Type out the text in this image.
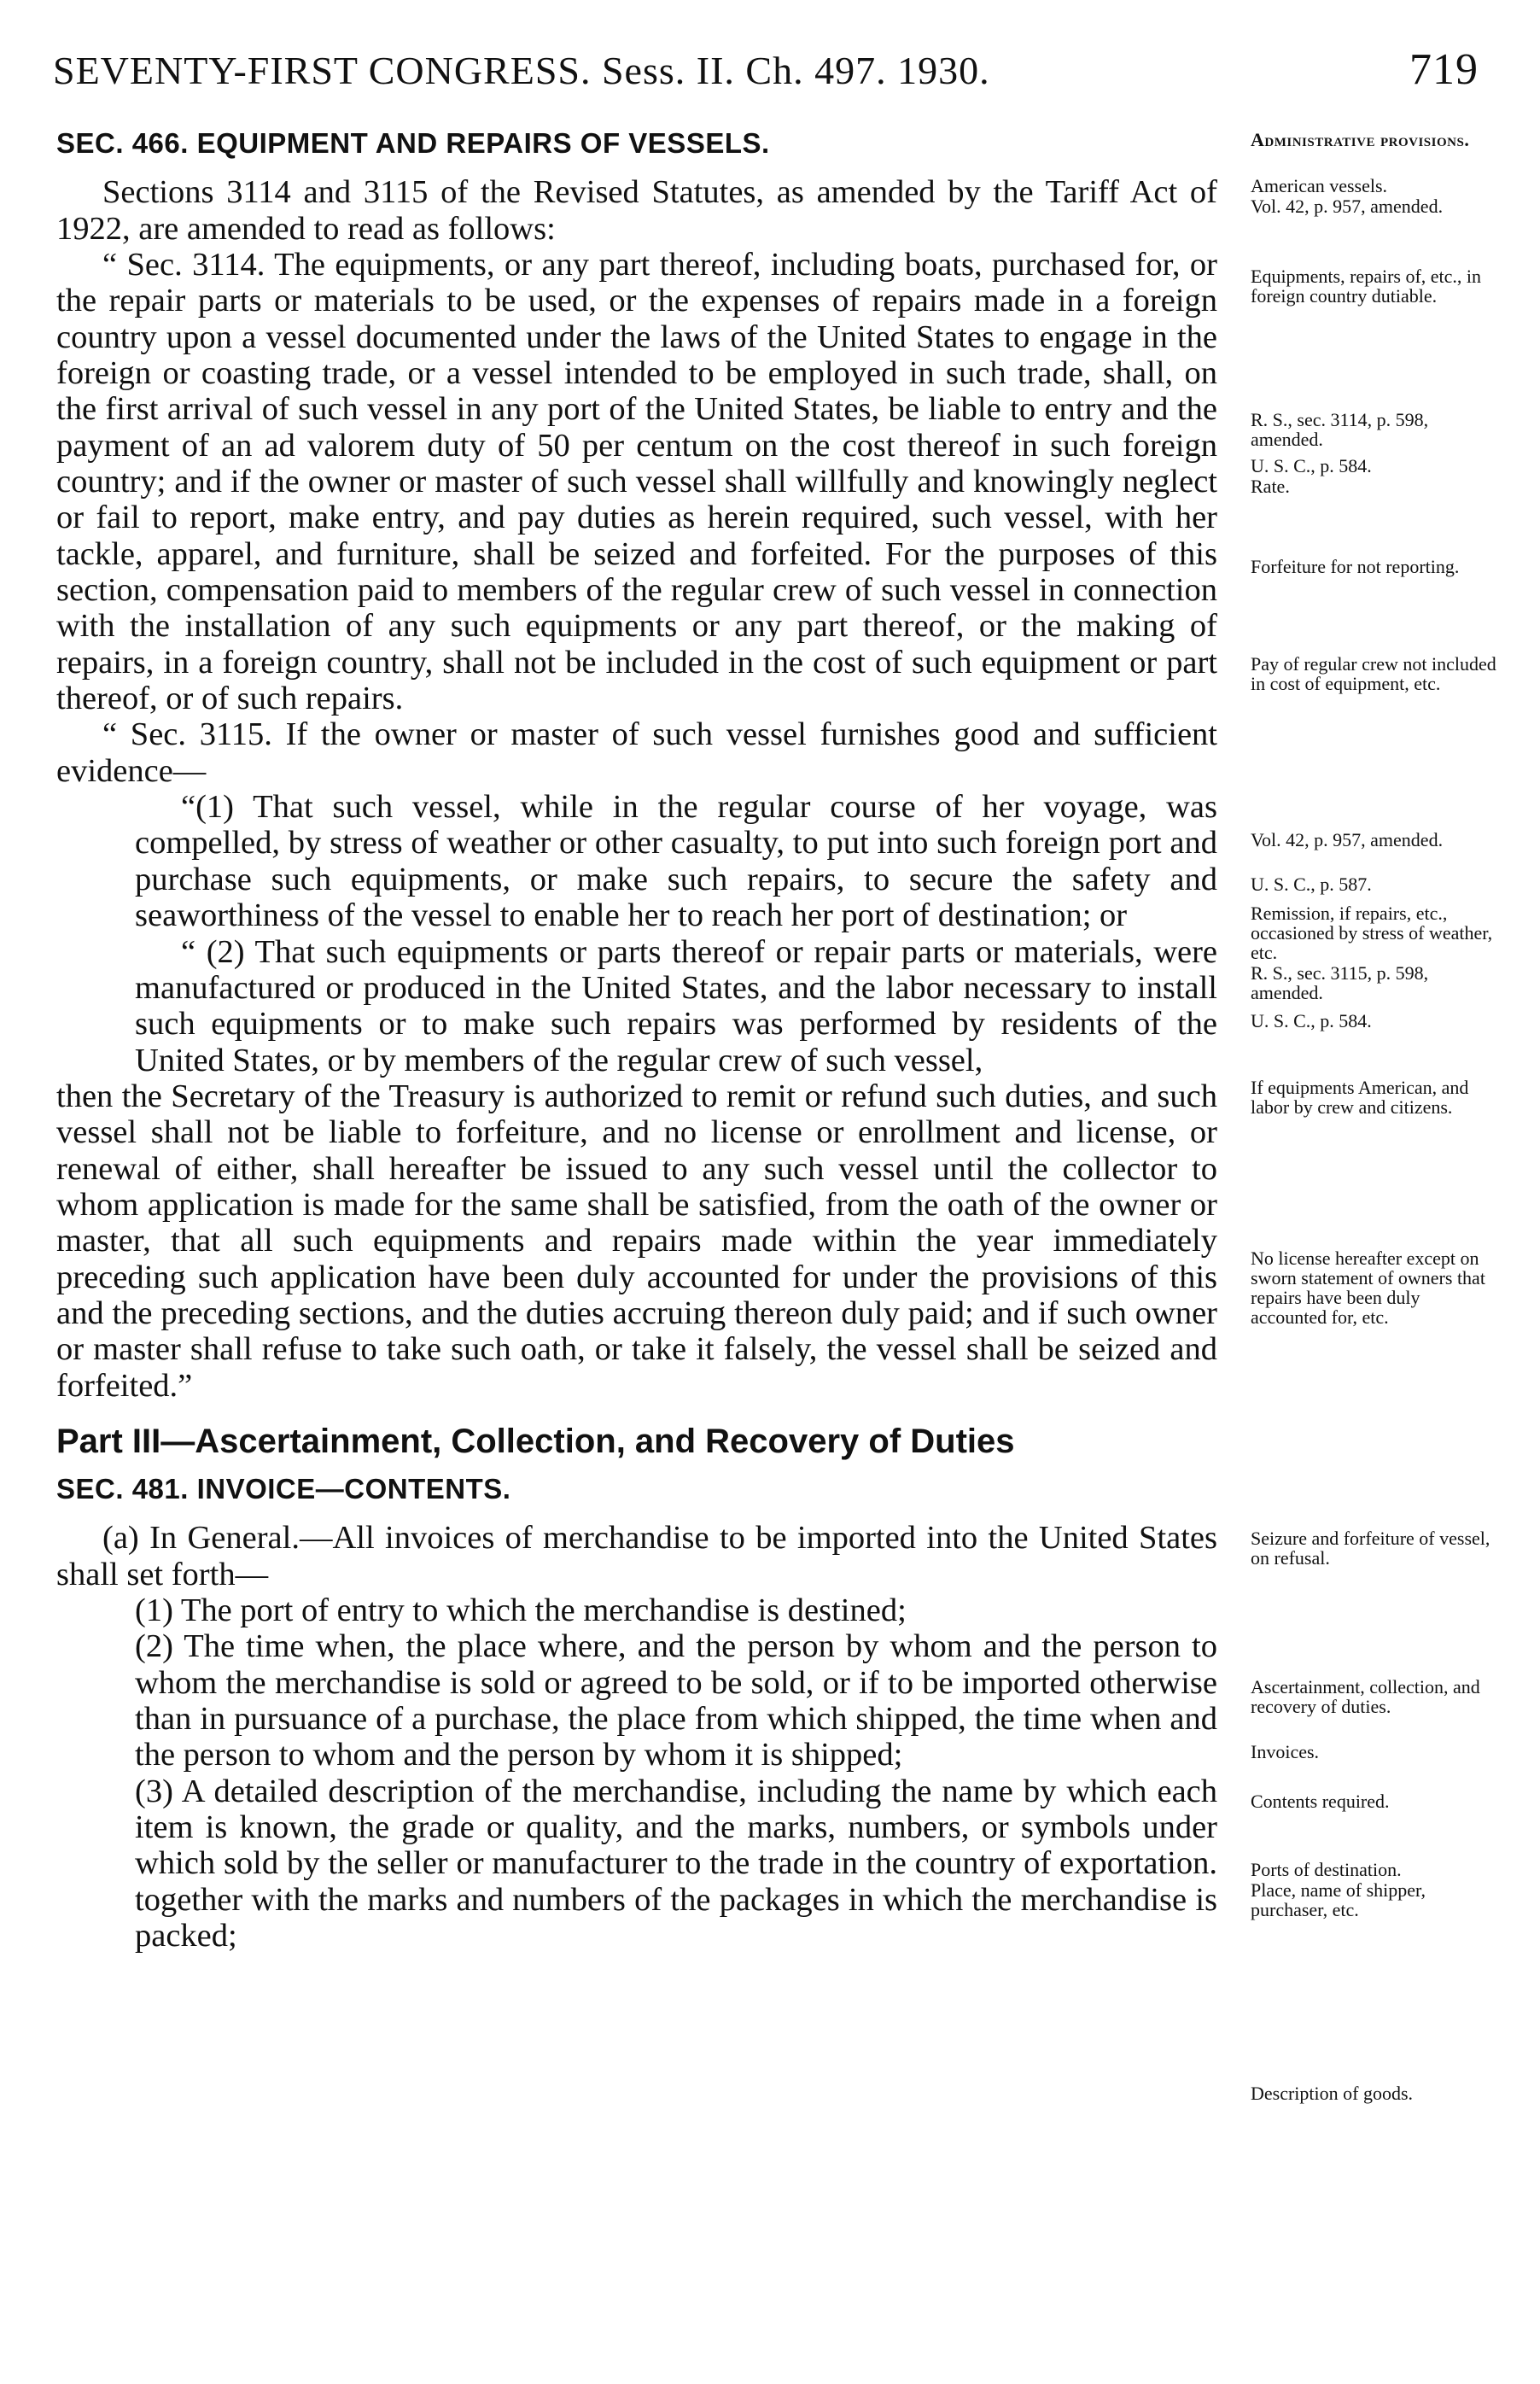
SEVENTY-FIRST CONGRESS. Sess. II. Ch. 497. 1930.	719
SEC. 466. EQUIPMENT AND REPAIRS OF VESSELS.

Sections 3114 and 3115 of the Revised Statutes, as amended by the Tariff Act of 1922, are amended to read as follows:

“ Sec. 3114. The equipments, or any part thereof, including boats, purchased for, or the repair parts or materials to be used, or the expenses of repairs made in a foreign country upon a vessel documented under the laws of the United States to engage in the foreign or coasting trade, or a vessel intended to be employed in such trade, shall, on the first arrival of such vessel in any port of the United States, be liable to entry and the payment of an ad valorem duty of 50 per centum on the cost thereof in such foreign country; and if the owner or master of such vessel shall willfully and knowingly neglect or fail to report, make entry, and pay duties as herein required, such vessel, with her tackle, apparel, and furniture, shall be seized and forfeited. For the purposes of this section, compensation paid to members of the regular crew of such vessel in connection with the installation of any such equipments or any part thereof, or the making of repairs, in a foreign country, shall not be included in the cost of such equipment or part thereof, or of such repairs.

“ Sec. 3115. If the owner or master of such vessel furnishes good and sufficient evidence—

“(1) That such vessel, while in the regular course of her voyage, was compelled, by stress of weather or other casualty, to put into such foreign port and purchase such equipments, or make such repairs, to secure the safety and seaworthiness of the vessel to enable her to reach her port of destination; or

“ (2) That such equipments or parts thereof or repair parts or materials, were manufactured or produced in the United States, and the labor necessary to install such equipments or to make such repairs was performed by residents of the United States, or by members of the regular crew of such vessel,

then the Secretary of the Treasury is authorized to remit or refund such duties, and such vessel shall not be liable to forfeiture, and no license or enrollment and license, or renewal of either, shall hereafter be issued to any such vessel until the collector to whom application is made for the same shall be satisfied, from the oath of the owner or master, that all such equipments and repairs made within the year immediately preceding such application have been duly accounted for under the provisions of this and the preceding sections, and the duties accruing thereon duly paid; and if such owner or master shall refuse to take such oath, or take it falsely, the vessel shall be seized and forfeited.”

Part III—Ascertainment, Collection, and Recovery of Duties
SEC. 481. INVOICE—CONTENTS.

(a) In General.—All invoices of merchandise to be imported into the United States shall set forth—

(1) The port of entry to which the merchandise is destined;

(2) The time when, the place where, and the person by whom and the person to whom the merchandise is sold or agreed to be sold, or if to be imported otherwise than in pursuance of a purchase, the place from which shipped, the time when and the person to whom and the person by whom it is shipped;

(3) A detailed description of the merchandise, including the name by which each item is known, the grade or quality, and the marks, numbers, or symbols under which sold by the seller or manufacturer to the trade in the country of exportation. together with the marks and numbers of the packages in which the merchandise is packed;

Administrative provisions.
American vessels.
Vol. 42, p. 957, amended.
Equipments, repairs of, etc., in foreign country dutiable.
R. S., sec. 3114, p. 598, amended.
U. S. C., p. 584.
Rate.
Forfeiture for not reporting.
Pay of regular crew not included in cost of equipment, etc.
Vol. 42, p. 957, amended.
U. S. C., p. 587.
Remission, if repairs, etc., occasioned by stress of weather, etc.
R. S., sec. 3115, p. 598, amended.
U. S. C., p. 584.
If equipments American, and labor by crew and citizens.
No license hereafter except on sworn statement of owners that repairs have been duly accounted for, etc.
Seizure and forfeiture of vessel, on refusal.
Ascertainment, collection, and recovery of duties.
Invoices.
Contents required.
Ports of destination.
Place, name of shipper, purchaser, etc.
Description of goods.
